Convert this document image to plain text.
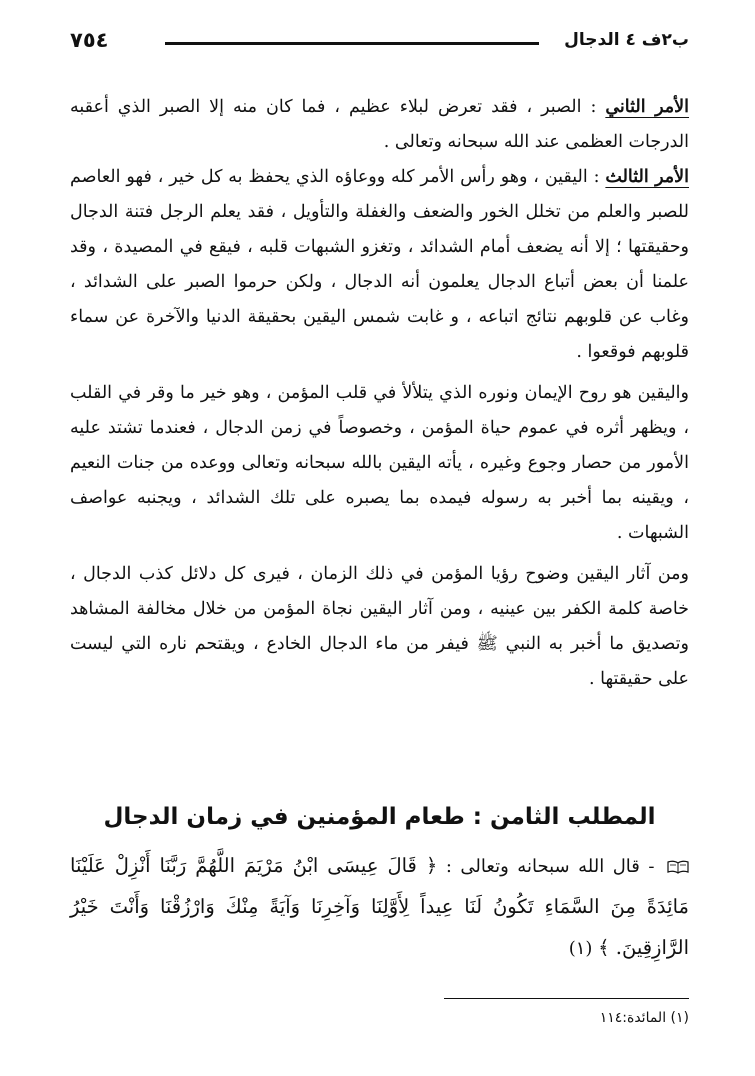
ب٢ف ٤ الدجال
٧٥٤

الأمر الثاني : الصبر ، فقد تعرض لبلاء عظيم ، فما كان منه إلا الصبر الذي أعقبه الدرجات العظمى عند الله سبحانه وتعالى .

الأمر الثالث : اليقين ، وهو رأس الأمر كله ووعاؤه الذي يحفظ به كل خير ، فهو العاصم للصبر والعلم من تخلل الخور والضعف والغفلة والتأويل ، فقد يعلم الرجل فتنة الدجال وحقيقتها ؛ إلا أنه يضعف أمام الشدائد ، وتغزو الشبهات قلبه ، فيقع في المصيدة ، وقد علمنا أن بعض أتباع الدجال يعلمون أنه الدجال ، ولكن حرموا الصبر على الشدائد ، وغاب عن قلوبهم نتائج اتباعه ، و غابت شمس اليقين بحقيقة الدنيا والآخرة عن سماء قلوبهم فوقعوا .

واليقين هو روح الإيمان ونوره الذي يتلألأ في قلب المؤمن ، وهو خير ما وقر في القلب ، ويظهر أثره في عموم حياة المؤمن ، وخصوصاً في زمن الدجال ، فعندما تشتد عليه الأمور من حصار وجوع وغيره ، يأته اليقين بالله سبحانه وتعالى ووعده من جنات النعيم ، ويقينه بما أخبر به رسوله فيمده بما يصبره على تلك الشدائد ، ويجنبه عواصف الشبهات .

ومن آثار اليقين وضوح رؤيا المؤمن في ذلك الزمان ، فيرى كل دلائل كذب الدجال ، خاصة كلمة الكفر بين عينيه ، ومن آثار اليقين نجاة المؤمن من خلال مخالفة المشاهد وتصديق ما أخبر به النبي ﷺ فيفر من ماء الدجال الخادع ، ويقتحم ناره التي ليست على حقيقتها .

المطلب الثامن : طعام المؤمنين في زمان الدجال
- قال الله سبحانه وتعالى : ﴿ قَالَ عِيسَى ابْنُ مَرْيَمَ اللَّهُمَّ رَبَّنَا أَنْزِلْ عَلَيْنَا مَائِدَةً مِنَ السَّمَاءِ تَكُونُ لَنَا عِيداً لِأَوَّلِنَا وَآخِرِنَا وَآيَةً مِنْكَ وَارْزُقْنَا وَأَنْتَ خَيْرُ الرَّازِقِينَ. ﴾ (١)
(١) المائدة:١١٤
